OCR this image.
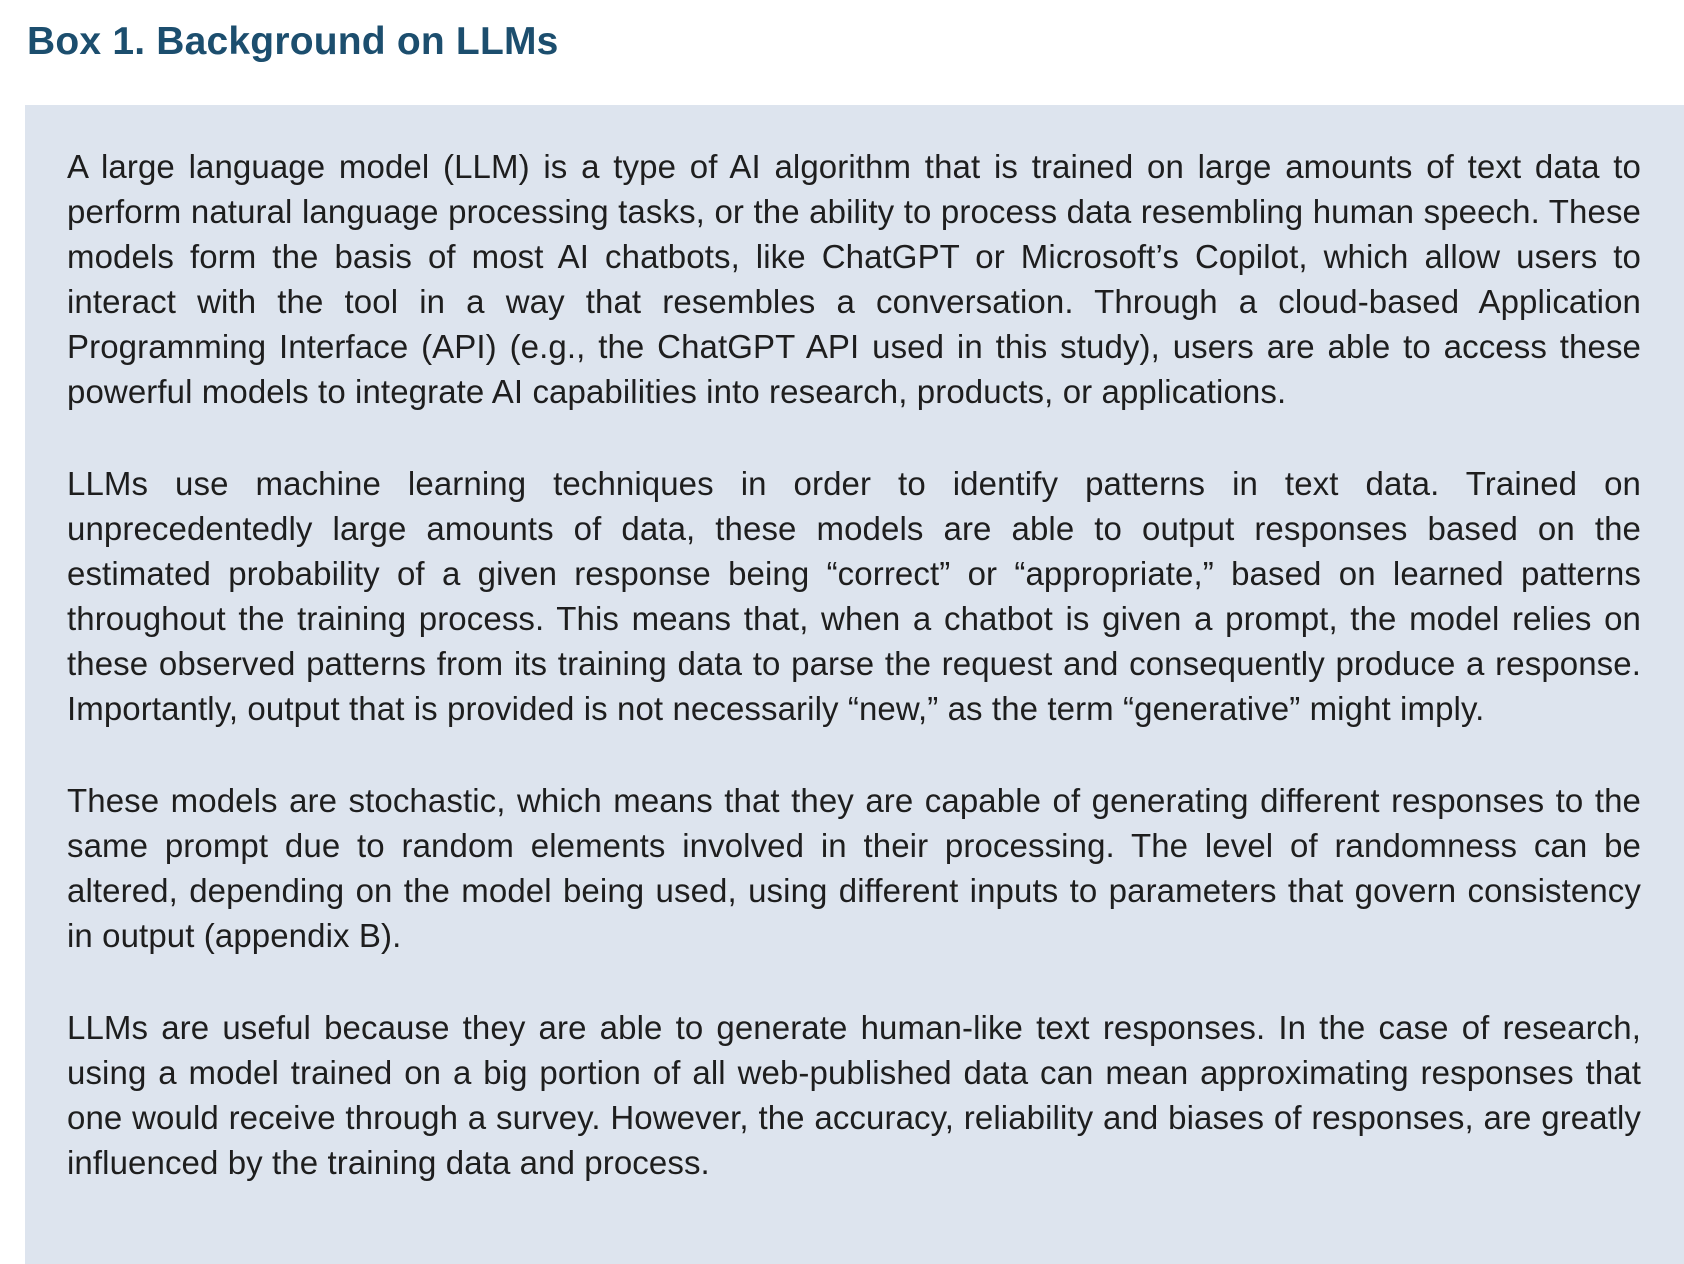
Box 1. Background on LLMs

A large language model (LLM) is a type of AI algorithm that is trained on large amounts of text data to perform natural language processing tasks, or the ability to process data resembling human speech. These models form the basis of most AI chatbots, like ChatGPT or Microsoft’s Copilot, which allow users to interact with the tool in a way that resembles a conversation. Through a cloud-based Application Programming Interface (API) (e.g., the ChatGPT API used in this study), users are able to access these powerful models to integrate AI capabilities into research, products, or applications.

LLMs use machine learning techniques in order to identify patterns in text data. Trained on unprecedentedly large amounts of data, these models are able to output responses based on the estimated probability of a given response being “correct” or “appropriate,” based on learned patterns throughout the training process. This means that, when a chatbot is given a prompt, the model relies on these observed patterns from its training data to parse the request and consequently produce a response. Importantly, output that is provided is not necessarily “new,” as the term “generative” might imply.

These models are stochastic, which means that they are capable of generating different responses to the same prompt due to random elements involved in their processing. The level of randomness can be altered, depending on the model being used, using different inputs to parameters that govern consistency in output (appendix B).

LLMs are useful because they are able to generate human-like text responses. In the case of research, using a model trained on a big portion of all web-published data can mean approximating responses that one would receive through a survey. However, the accuracy, reliability and biases of responses, are greatly influenced by the training data and process.
